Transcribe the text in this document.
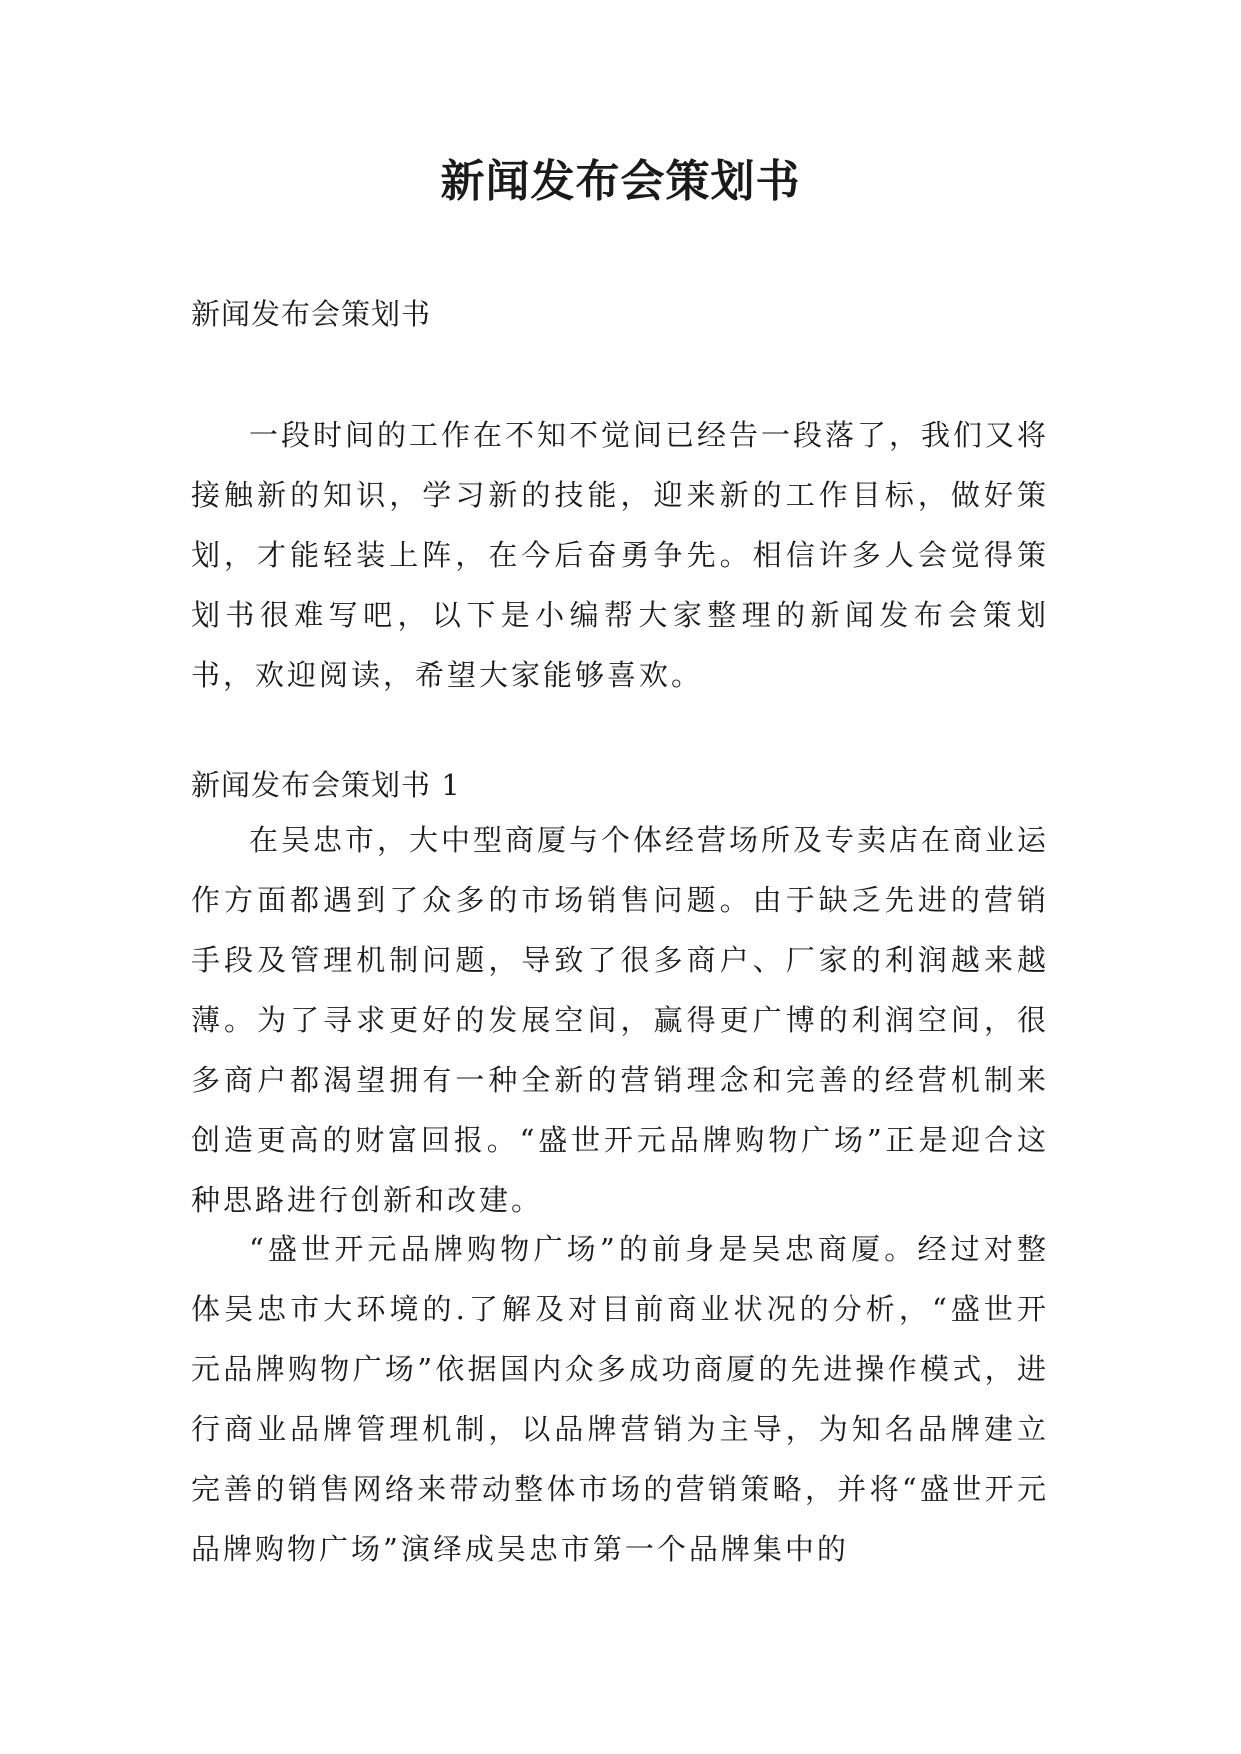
新闻发布会策划书

新闻发布会策划书

一段时间的工作在不知不觉间已经告一段落了，我们又将接触新的知识，学习新的技能，迎来新的工作目标，做好策划，才能轻装上阵，在今后奋勇争先。相信许多人会觉得策划书很难写吧，以下是小编帮大家整理的新闻发布会策划书，欢迎阅读，希望大家能够喜欢。

新闻发布会策划书 1

在吴忠市，大中型商厦与个体经营场所及专卖店在商业运作方面都遇到了众多的市场销售问题。由于缺乏先进的营销手段及管理机制问题，导致了很多商户、厂家的利润越来越薄。为了寻求更好的发展空间，赢得更广博的利润空间，很多商户都渴望拥有一种全新的营销理念和完善的经营机制来创造更高的财富回报。“盛世开元品牌购物广场”正是迎合这种思路进行创新和改建。

“盛世开元品牌购物广场”的前身是吴忠商厦。经过对整体吴忠市大环境的.了解及对目前商业状况的分析，“盛世开元品牌购物广场”依据国内众多成功商厦的先进操作模式，进行商业品牌管理机制，以品牌营销为主导，为知名品牌建立完善的销售网络来带动整体市场的营销策略，并将“盛世开元品牌购物广场”演绎成吴忠市第一个品牌集中的
